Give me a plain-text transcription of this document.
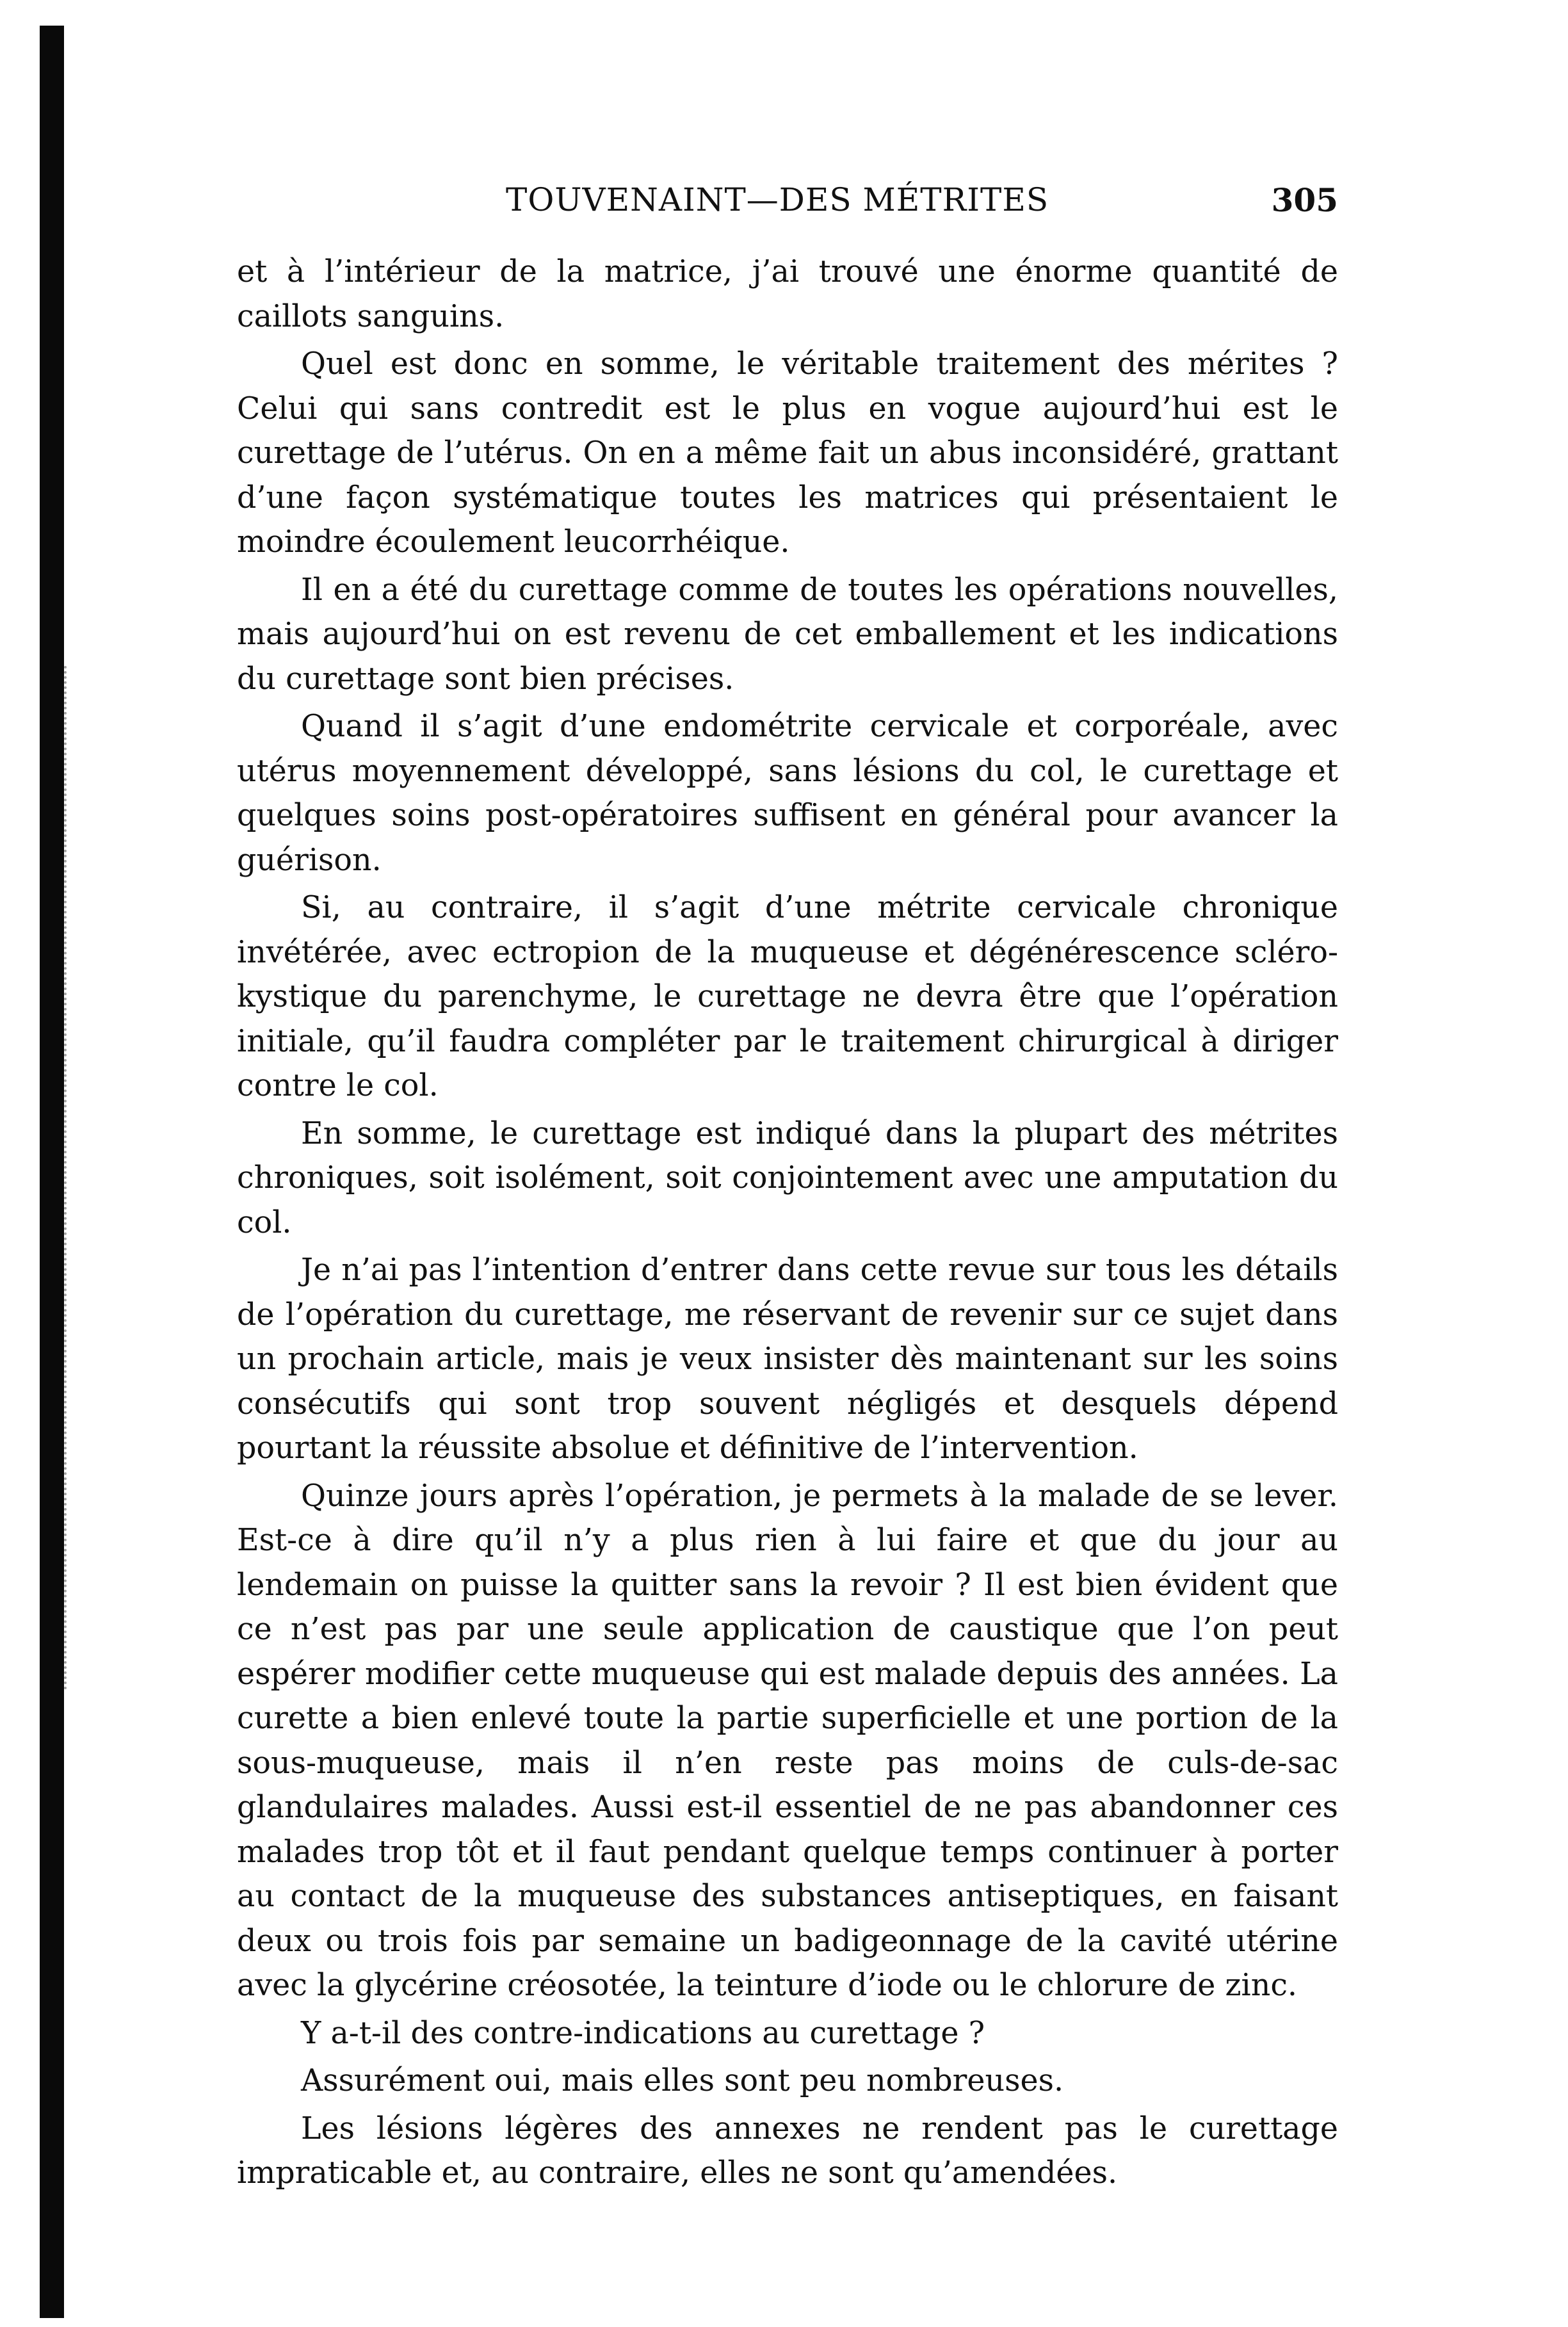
TOUVENAINT—DES MÉTRITES	305

et à l’intérieur de la matrice, j’ai trouvé une énorme quantité de caillots sanguins.

Quel est donc en somme, le véritable traitement des mérites ? Celui qui sans contredit est le plus en vogue aujourd’hui est le curettage de l’utérus. On en a même fait un abus inconsidéré, grattant d’une façon systématique toutes les matrices qui présentaient le moindre écoulement leucorrhéique.

Il en a été du curettage comme de toutes les opérations nouvelles, mais aujourd’hui on est revenu de cet emballement et les indications du curettage sont bien précises.

Quand il s’agit d’une endométrite cervicale et corporéale, avec utérus moyennement développé, sans lésions du col, le curettage et quelques soins post-opératoires suffisent en général pour avancer la guérison.

Si, au contraire, il s’agit d’une métrite cervicale chronique invétérée, avec ectropion de la muqueuse et dégénérescence scléro-kystique du parenchyme, le curettage ne devra être que l’opération initiale, qu’il faudra compléter par le traitement chirurgical à diriger contre le col.

En somme, le curettage est indiqué dans la plupart des métrites chroniques, soit isolément, soit conjointement avec une amputation du col.

Je n’ai pas l’intention d’entrer dans cette revue sur tous les détails de l’opération du curettage, me réservant de revenir sur ce sujet dans un prochain article, mais je veux insister dès maintenant sur les soins consécutifs qui sont trop souvent négligés et desquels dépend pourtant la réussite absolue et définitive de l’intervention.

Quinze jours après l’opération, je permets à la malade de se lever. Est-ce à dire qu’il n’y a plus rien à lui faire et que du jour au lendemain on puisse la quitter sans la revoir ? Il est bien évident que ce n’est pas par une seule application de caustique que l’on peut espérer modifier cette muqueuse qui est malade depuis des années. La curette a bien enlevé toute la partie superficielle et une portion de la sous-muqueuse, mais il n’en reste pas moins de culs-de-sac glandulaires malades. Aussi est-il essentiel de ne pas abandonner ces malades trop tôt et il faut pendant quelque temps continuer à porter au contact de la muqueuse des substances antiseptiques, en faisant deux ou trois fois par semaine un badigeonnage de la cavité utérine avec la glycérine créosotée, la teinture d’iode ou le chlorure de zinc.

Y a-t-il des contre-indications au curettage ?

Assurément oui, mais elles sont peu nombreuses.

Les lésions légères des annexes ne rendent pas le curettage impraticable et, au contraire, elles ne sont qu’amendées.
